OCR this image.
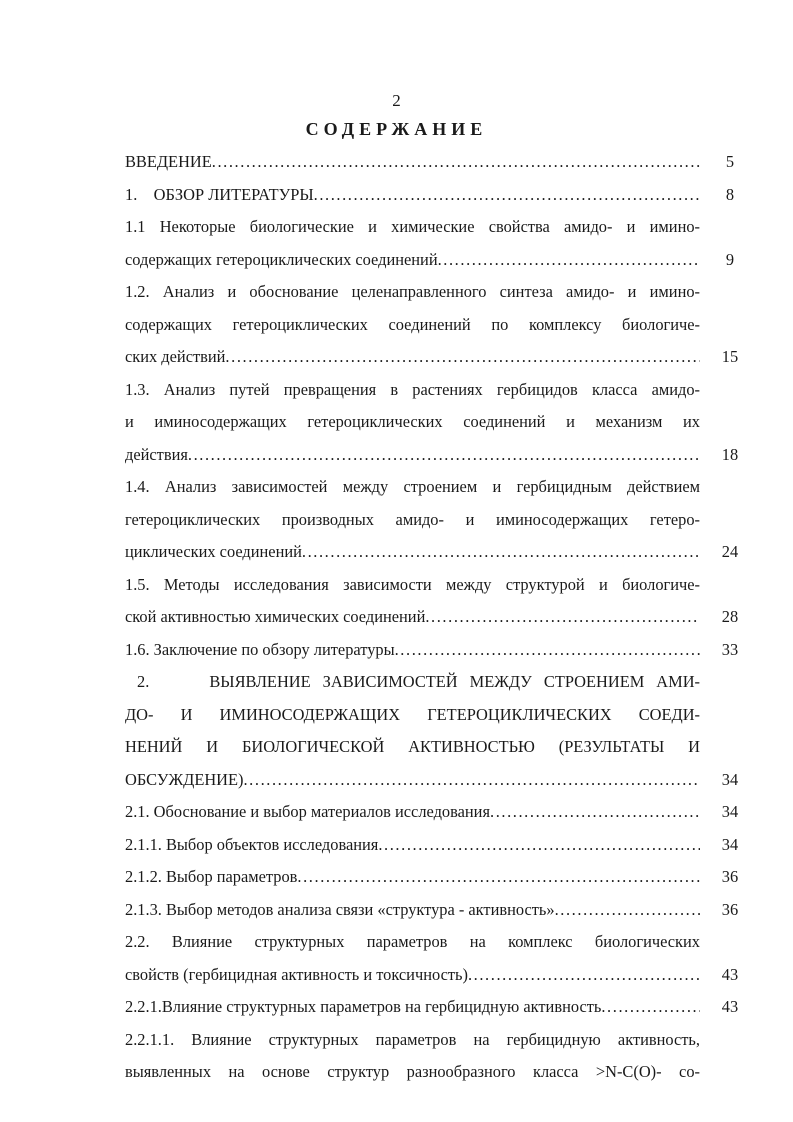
2
СОДЕРЖАНИЕ
ВВЕДЕНИЕ .....	5
1.    ОБЗОР ЛИТЕРАТУРЫ .....	8
1.1 Некоторые биологические и химические свойства амидо- и имино-
содержащих гетероциклических соединений .....	9
1.2. Анализ и обоснование целенаправленного синтеза амидо- и имино-
содержащих гетероциклических соединений по комплексу биологиче-
ских действий .....	15
1.3. Анализ путей превращения в растениях гербицидов класса амидо-
и иминосодержащих гетероциклических соединений и механизм их
действия .....	18
1.4. Анализ зависимостей между строением и гербицидным действием
гетероциклических производных амидо- и иминосодержащих гетеро-
циклических соединений .....	24
1.5. Методы исследования зависимости между структурой и биологиче-
ской активностью химических соединений .....	28
1.6. Заключение по обзору литературы .....	33
2.     ВЫЯВЛЕНИЕ ЗАВИСИМОСТЕЙ МЕЖДУ СТРОЕНИЕМ АМИ-
ДО- И ИМИНОСОДЕРЖАЩИХ ГЕТЕРОЦИКЛИЧЕСКИХ СОЕДИ-
НЕНИЙ И БИОЛОГИЧЕСКОЙ АКТИВНОСТЬЮ (РЕЗУЛЬТАТЫ И
ОБСУЖДЕНИЕ) .....	34
2.1. Обоснование и выбор материалов исследования .....	34
2.1.1. Выбор объектов исследования .....	34
2.1.2. Выбор параметров .....	36
2.1.3. Выбор методов анализа связи «структура - активность» .....	36
2.2. Влияние структурных параметров на комплекс биологических
свойств (гербицидная активность и токсичность) .....	43
2.2.1.Влияние структурных параметров на гербицидную активность .....	43
2.2.1.1. Влияние структурных параметров на гербицидную активность,
выявленных на основе структур разнообразного класса >N-C(O)- со-
